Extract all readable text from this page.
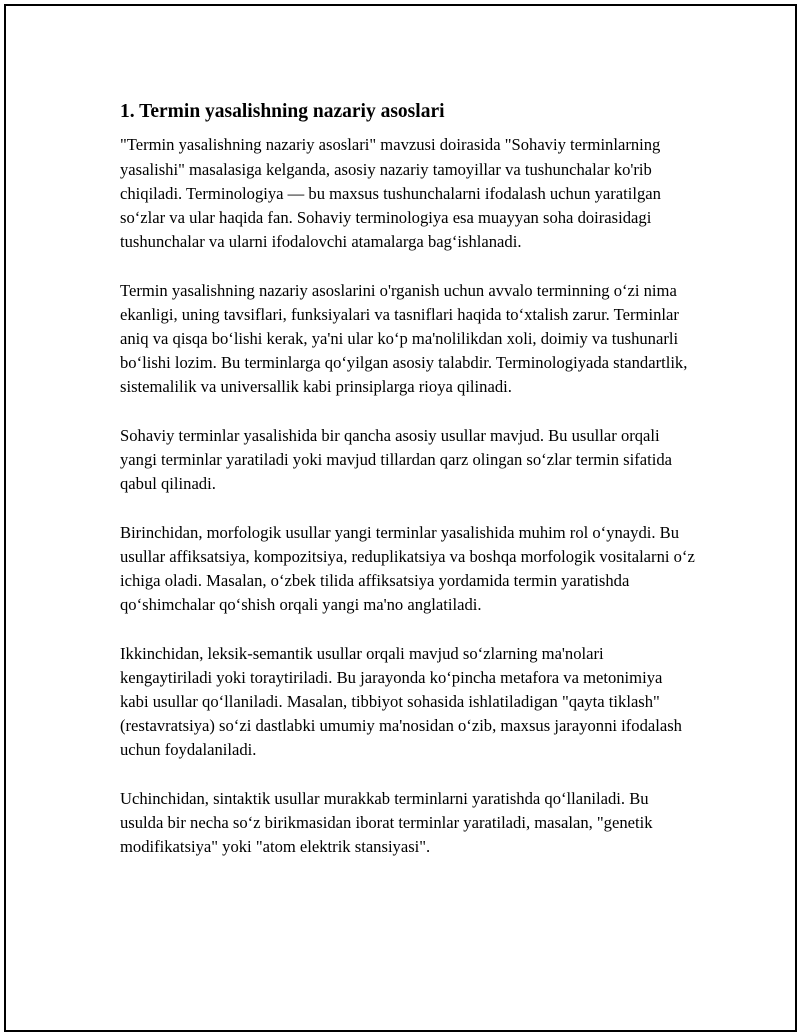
1. Termin yasalishning nazariy asoslari

"Termin yasalishning nazariy asoslari" mavzusi doirasida "Sohaviy terminlarning yasalishi" masalasiga kelganda, asosiy nazariy tamoyillar va tushunchalar ko'rib chiqiladi. Terminologiya — bu maxsus tushunchalarni ifodalash uchun yaratilgan so‘zlar va ular haqida fan. Sohaviy terminologiya esa muayyan soha doirasidagi tushunchalar va ularni ifodalovchi atamalarga bag‘ishlanadi.

Termin yasalishning nazariy asoslarini o'rganish uchun avvalo terminning o‘zi nima ekanligi, uning tavsiflari, funksiyalari va tasniflari haqida to‘xtalish zarur. Terminlar aniq va qisqa bo‘lishi kerak, ya'ni ular ko‘p ma'nolilikdan xoli, doimiy va tushunarli bo‘lishi lozim. Bu terminlarga qo‘yilgan asosiy talabdir. Terminologiyada standartlik, sistemalilik va universallik kabi prinsiplarga rioya qilinadi.

Sohaviy terminlar yasalishida bir qancha asosiy usullar mavjud. Bu usullar orqali yangi terminlar yaratiladi yoki mavjud tillardan qarz olingan so‘zlar termin sifatida qabul qilinadi.

Birinchidan, morfologik usullar yangi terminlar yasalishida muhim rol o‘ynaydi. Bu usullar affiksatsiya, kompozitsiya, reduplikatsiya va boshqa morfologik vositalarni o‘z ichiga oladi. Masalan, o‘zbek tilida affiksatsiya yordamida termin yaratishda qo‘shimchalar qo‘shish orqali yangi ma'no anglatiladi.

Ikkinchidan, leksik-semantik usullar orqali mavjud so‘zlarning ma'nolari kengaytiriladi yoki toraytiriladi. Bu jarayonda ko‘pincha metafora va metonimiya kabi usullar qo‘llaniladi. Masalan, tibbiyot sohasida ishlatiladigan "qayta tiklash" (restavratsiya) so‘zi dastlabki umumiy ma'nosidan o‘zib, maxsus jarayonni ifodalash uchun foydalaniladi.

Uchinchidan, sintaktik usullar murakkab terminlarni yaratishda qo‘llaniladi. Bu usulda bir necha so‘z birikmasidan iborat terminlar yaratiladi, masalan, "genetik modifikatsiya" yoki "atom elektrik stansiyasi".
